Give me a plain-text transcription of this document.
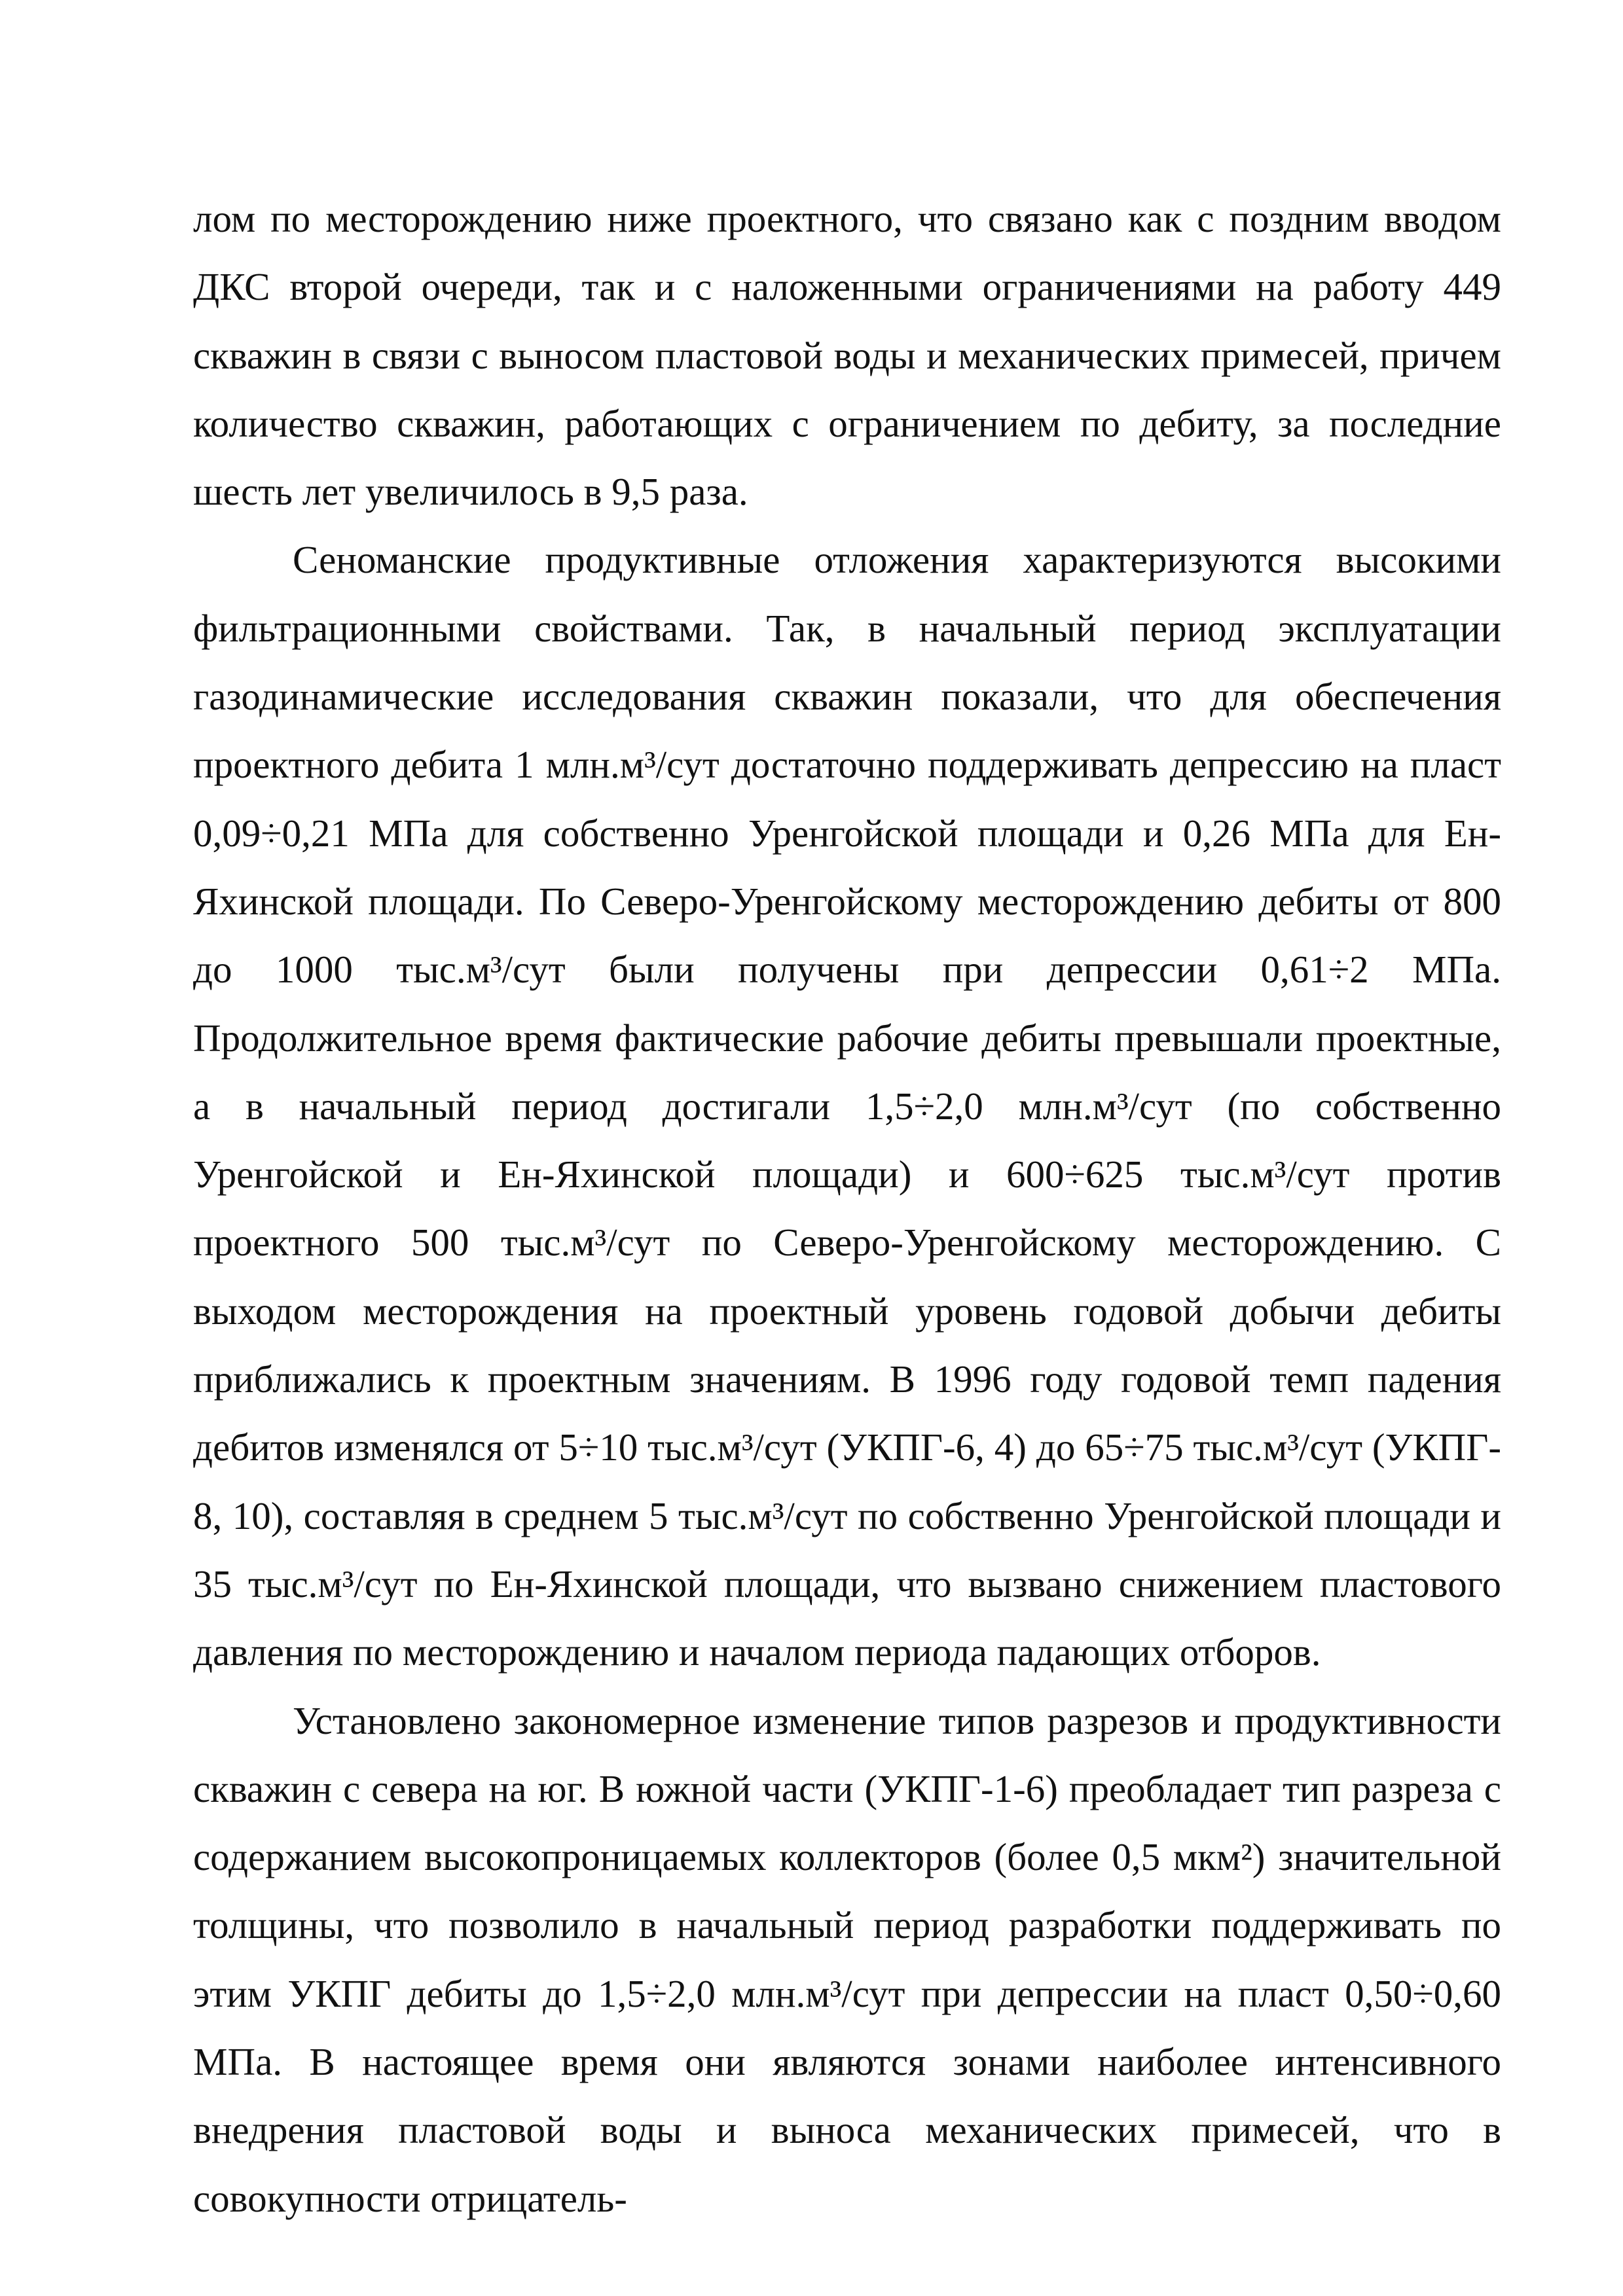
лом по месторождению ниже проектного, что связано как с поздним вводом ДКС второй очереди, так и с наложенными ограничениями на работу 449 скважин в связи с выносом пластовой воды и механических примесей, причем количество скважин, работающих с ограничением по дебиту, за последние шесть лет увеличилось в 9,5 раза.

Сеноманские продуктивные отложения характеризуются высокими фильтрационными свойствами. Так, в начальный период эксплуатации газодинамические исследования скважин показали, что для обеспечения проектного дебита 1 млн.м³/сут достаточно поддерживать депрессию на пласт 0,09÷0,21 МПа для собственно Уренгойской площади и 0,26 МПа для Ен-Яхинской площади. По Северо-Уренгойскому месторождению дебиты от 800 до 1000 тыс.м³/сут были получены при депрессии 0,61÷2 МПа. Продолжительное время фактические рабочие дебиты превышали проектные, а в начальный период достигали 1,5÷2,0 млн.м³/сут (по собственно Уренгойской и Ен-Яхинской площади) и 600÷625 тыс.м³/сут против проектного 500 тыс.м³/сут по Северо-Уренгойскому месторождению. С выходом месторождения на проектный уровень годовой добычи дебиты приближались к проектным значениям. В 1996 году годовой темп падения дебитов изменялся от 5÷10 тыс.м³/сут (УКПГ-6, 4) до 65÷75 тыс.м³/сут (УКПГ- 8, 10), составляя в среднем 5 тыс.м³/сут по собственно Уренгойской площади и 35 тыс.м³/сут по Ен-Яхинской площади, что вызвано снижением пластового давления по месторождению и началом периода падающих отборов.

Установлено закономерное изменение типов разрезов и продуктивности скважин с севера на юг. В южной части (УКПГ-1-6) преобладает тип разреза с содержанием высокопроницаемых коллекторов (более 0,5 мкм²) значительной толщины, что позволило в начальный период разработки поддерживать по этим УКПГ дебиты до 1,5÷2,0 млн.м³/сут при депрессии на пласт 0,50÷0,60 МПа. В настоящее время они являются зонами наиболее интенсивного внедрения пластовой воды и выноса механических примесей, что в совокупности отрицатель-
